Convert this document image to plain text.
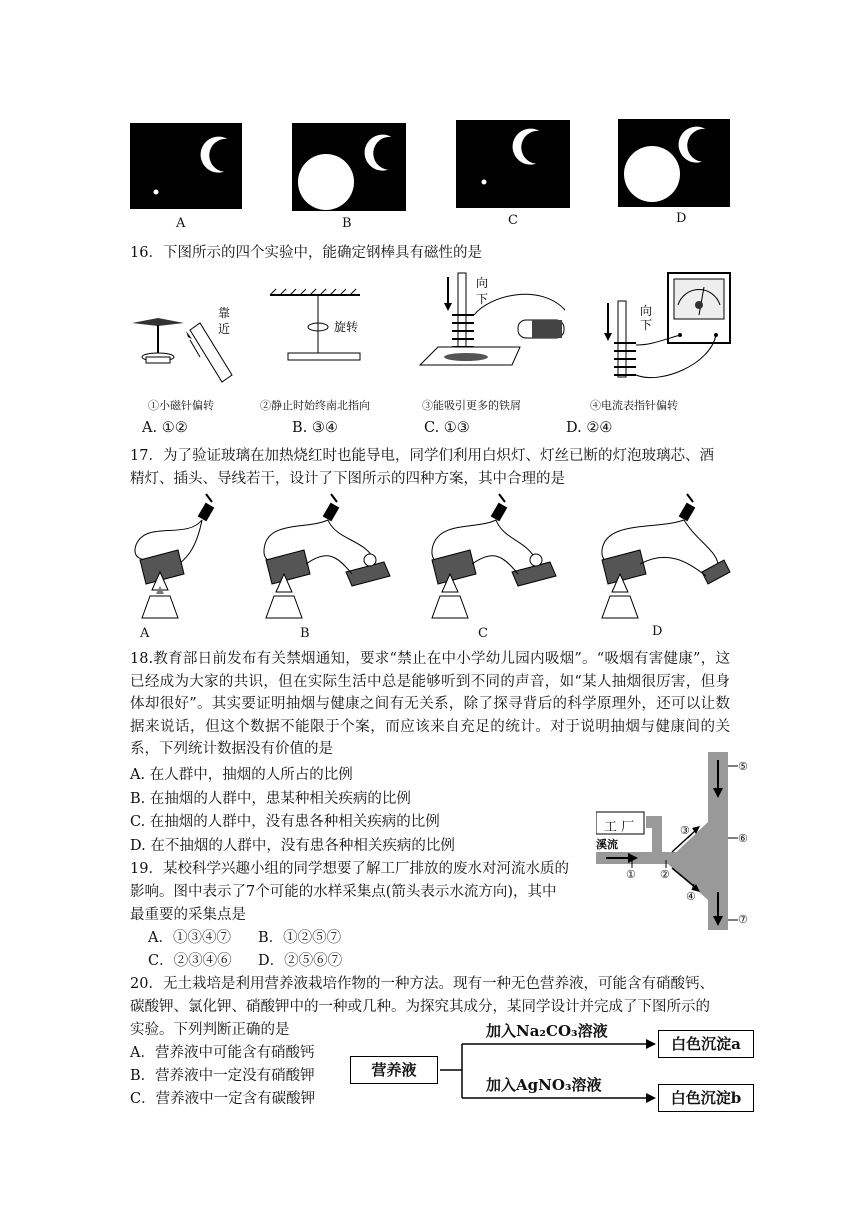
A	B	C	D
16．下图所示的四个实验中，能确定钢棒具有磁性的是
靠
近	旋转
向
下
向
下
①小磁针偏转	②静止时始终南北指向	③能吸引更多的铁屑	④电流表指针偏转
A. ①②	B. ③④	C. ①③	D. ②④
17．为了验证玻璃在加热烧红时也能导电，同学们利用白炽灯、灯丝已断的灯泡玻璃芯、酒
精灯、插头、导线若干，设计了下图所示的四种方案，其中合理的是
A	B	C	D
18.教育部日前发布有关禁烟通知，要求“禁止在中小学幼儿园内吸烟”。“吸烟有害健康”，这已经成为大家的共识，但在实际生活中总是能够听到不同的声音，如“某人抽烟很厉害，但身体却很好”。其实要证明抽烟与健康之间有无关系，除了探寻背后的科学原理外，还可以让数据来说话，但这个数据不能限于个案，而应该来自充足的统计。对于说明抽烟与健康间的关系，下列统计数据没有价值的是
A. 在人群中，抽烟的人所占的比例
B. 在抽烟的人群中，患某种相关疾病的比例
C. 在抽烟的人群中，没有患各种相关疾病的比例
D. 在不抽烟的人群中，没有患各种相关疾病的比例
19．某校科学兴趣小组的同学想要了解工厂排放的废水对河流水质的
影响。图中表示了7个可能的水样采集点(箭头表示水流方向)，其中
最重要的采集点是
A．①③④⑦ B．①②⑤⑦
C．②③④⑥ D．②⑤⑥⑦
工 厂
溪流
① ②
③
④
⑤
⑥
⑦
20．无土栽培是利用营养液栽培作物的一种方法。现有一种无色营养液，可能含有硝酸钙、
碳酸钾、氯化钾、硝酸钾中的一种或几种。为探究其成分，某同学设计并完成了下图所示的
实验。下列判断正确的是
A．营养液中可能含有硝酸钙
B．营养液中一定没有硝酸钾
C．营养液中一定含有碳酸钾
营养液
加入Na₂CO₃溶液
加入AgNO₃溶液
白色沉淀a
白色沉淀b
